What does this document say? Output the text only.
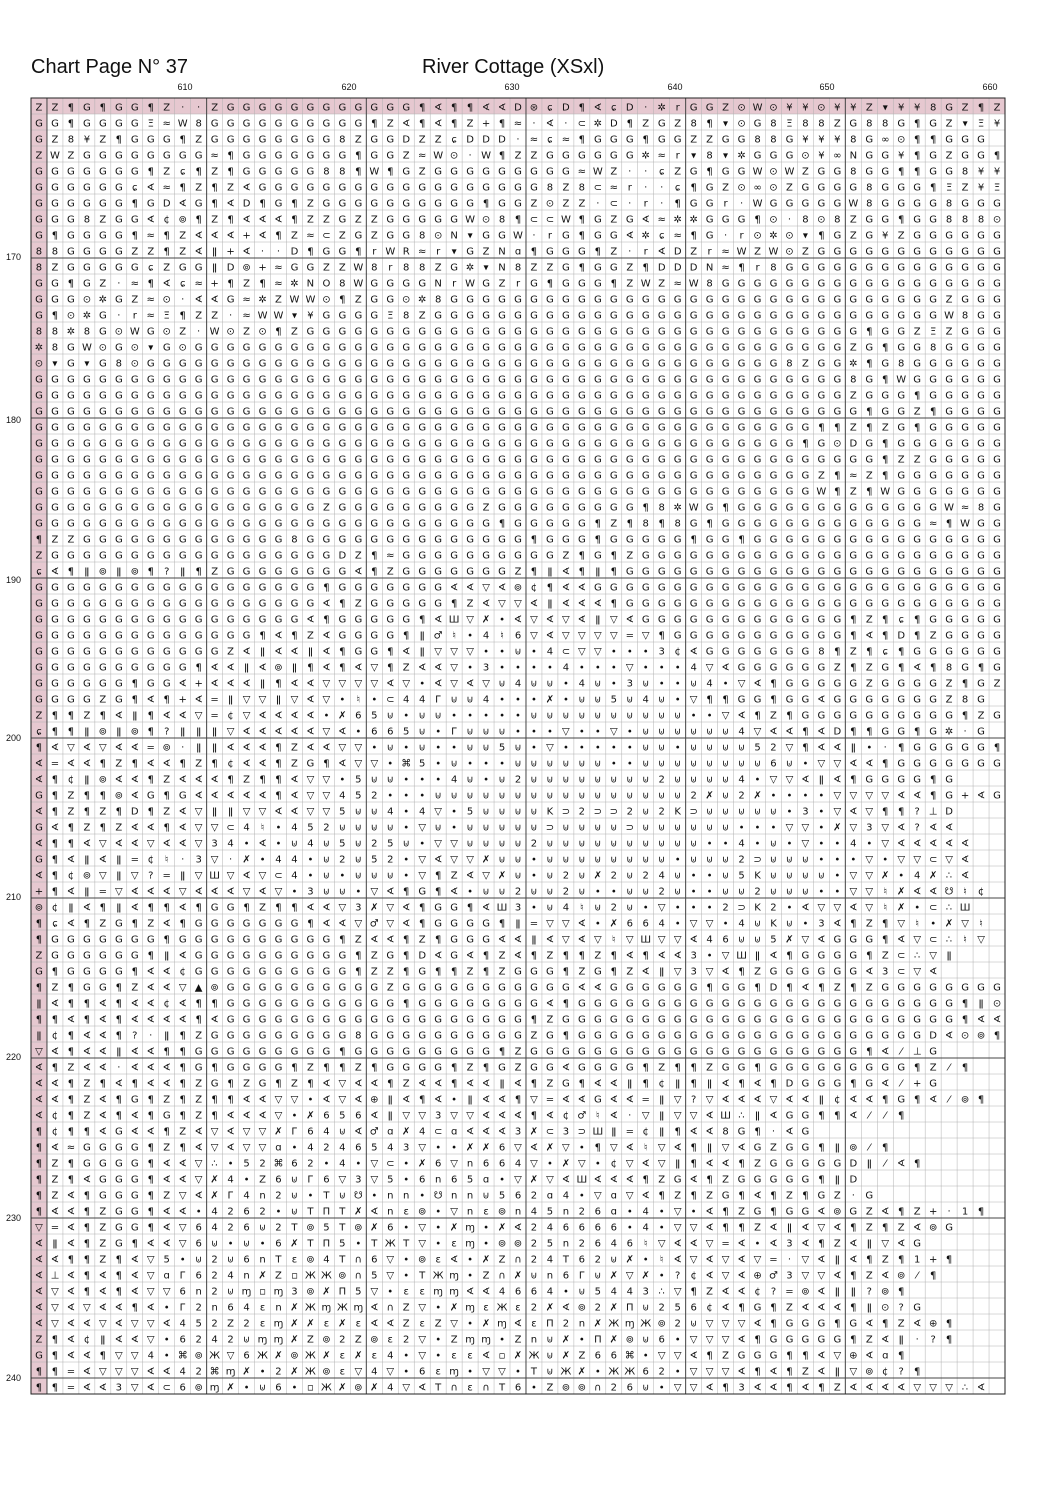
Chart Page N° 37	River Cottage (XSxl)
610	620	630	640	650	660
170
180
190
200
210
220
230
240
Z Z ¶ G ¶ G G ¶ Z · · Z G G G G G G G G G G G G ¶ ∢ ¶ ¶ ∢ ∢ D ⊛ ɕ D ¶ ∢ ɕ D · ✲ r G G Z ⊙ W ⊙ ¥ ¥ ⊙ ¥ ¥ Z ▾ ¥ ¥ 8 G Z ¶ Z
G G ¶ G G G G Ξ ≈ W 8 G G G G G G G G G G ¶ Z ∢ ¶ ∢ ¶ Z + ¶ ≈ · ∢ · ⊂ ✲ D ¶ Z G Z 8 ¶ ▾ ⊙ G 8 Ξ 8 8 Z G 8 8 G ¶ G Z ▾ Ξ ¥
G Z 8 ¥ Z ¶ G G G ¶ Z G G G G G G G G 8 Z G G D Z Z ɕ D D D · ≈ ɕ ≈ ¶ G G G ¶ G G Z Z G G 8 8 G ¥ ¥ ¥ 8 G ∞ ⊙ ¶ ¶ G G G
Z W Z G G G G G G G G ≈ ¶ G G G G G G G ¶ G G Z ≈ W ⊙ · W ¶ Z Z G G G G G G ✲ ≈ r ▾ 8 ▾ ✲ G G G ⊙ ¥ ∞ N G G ¥ ¶ G Z G G ¶
G G G G G G G ¶ Z ɕ ¶ Z ¶ G G G G G 8 8 ¶ W ¶ G Z G G G G G G G G G ≈ W Z · · ɕ Z G ¶ G G W ⊙ W Z G G 8 G G ¶ ¶ G G 8 ¥ ¥
G G G G G G ɕ ∢ ≈ ¶ Z ¶ Z ∢ G G G G G G G G G G G G G G G G G G 8 Z 8 ⊂ ≈ r · · ɕ ¶ G Z ⊙ ∞ ⊙ Z G G G G 8 G G G ¶ Ξ Z ¥ Ξ
G G G G G G ¶ G D ∢ G ¶ ∢ D ¶ G ¶ Z G G G G G G G G G G ¶ G G Z ⊙ Z Z · ⊂ · r · ¶ G G r · W G G G G G W 8 G G G G 8 G G G
G G G 8 Z G G ∢ ¢ ⊚ ¶ Z ¶ ∢ ∢ ∢ ¶ Z Z G Z Z G G G G G W ⊙ 8 ¶ ⊂ ⊂ W ¶ G Z G ∢ ≈ ✲ ✲ G G G ¶ ⊙ · 8 ⊙ 8 Z G G ¶ G G 8 8 8 ⊙
G ¶ G G G G ¶ ≈ ¶ Z ∢ ∢ ∢ + ∢ ¶ Z ≈ ⊂ Z G Z G G 8 ⊙ N ▾ G G W · r G ¶ G G ∢ ✲ ɕ ≈ ¶ G · r ⊙ ✲ ⊙ ▾ ¶ G Z G ¥ Z G G G G G G
8 8 G G G G Z Z ¶ Z ∢ ǁ + ∢ · · D ¶ G G ¶ r W R ≈ r ▾ G Z N ɑ ¶ G G G ¶ Z · r ∢ D Z r ≈ W Z W ⊙ Z G G G G G G G G G G G G
8 Z G G G G G ɕ Z G G ǁ D ⊚ + ≈ G G Z Z W 8 r 8 8 Z G ✲ ▾ N 8 Z Z G ¶ G G Z ¶ D D D N ≈ ¶ r 8 G G G G G G G G G G G G G G
G G ¶ G Z · ≈ ¶ ∢ ɕ ≈ + ¶ Z ¶ ≈ ✲ N O 8 W G G G G N r W G Z r G ¶ G G G ¶ Z W Z ≈ W 8 G G G G G G G G G G G G G G G G G G
G G G ⊙ ✲ G Z ≈ ⊙ · ∢ ∢ G ≈ ✲ Z W W ⊙ ¶ Z G G ⊙ ✲ 8 G G G G G G G G G G G G G G G G G G G G G G G G G G G G G G G Z G G G
G ¶ ⊙ ✲ G · r ≈ Ξ ¶ Z Z · ≈ W W ▾ ¥ G G G G Ξ 8 Z G G G G G G G G G G G G G G G G G G G G G G G G G G G G G G G G W 8 G G
8 8 ✲ 8 G ⊙ W G ⊙ Z · W ⊙ Z ⊙ ¶ Z G G G G G G G G G G G G G G G G G G G G G G G G G G G G G G G G G G G ¶ G G Z Ξ Z G G G
✲ 8 G W ⊙ G ⊙ ▾ G ⊙ G G G G G G G G G G G G G G G G G G G G G G G G G G G G G G G G G G G G G G G G G Z G ¶ G G 8 G G G G
⊙ ▾ G ▾ G 8 ⊙ G G G G G G G G G G G G G G G G G G G G G G G G G G G G G G G G G G G G G G G G 8 Z G G ✲ ¶ G 8 G G G G G G
G G G G G G G G G G G G G G G G G G G G G G G G G G G G G G G G G G G G G G G G G G G G G G G G G G G 8 G ¶ W G G G G G G
G G G G G G G G G G G G G G G G G G G G G G G G G G G G G G G G G G G G G G G G G G G G G G G G G G G Z G G G ¶ G G G G G
G G G G G G G G G G G G G G G G G G G G G G G G G G G G G G G G G G G G G G G G G G G G G G G G G G G G ¶ G G Z ¶ G G G G
G G G G G G G G G G G G G G G G G G G G G G G G G G G G G G G G G G G G G G G G G G G G G G G G G ¶ ¶ Z ¶ Z G ¶ G G G G G
G G G G G G G G G G G G G G G G G G G G G G G G G G G G G G G G G G G G G G G G G G G G G G G G ¶ G ⊙ D G ¶ G G G G G G G
G G G G G G G G G G G G G G G G G G G G G G G G G G G G G G G G G G G G G G G G G G G G G G G G G G G G G ¶ Z Z G G G G G
G G G G G G G G G G G G G G G G G G G G G G G G G G G G G G G G G G G G G G G G G G G G G G G G G Z ¶ ≈ Z ¶ G G G G G G G
G G G G G G G G G G G G G G G G G G G G G G G G G G G G G G G G G G G G G G G G G G G G G G G G G W ¶ Z ¶ W G G G G G G G
G G G G G G G G G G G G G G G G G G Z G G G G G G G G G Z G G G G G G G G G ¶ 8 ✲ W G ¶ G G G G G G G G G G G G G W ≈ 8 G
G G G G G G G G G G G G G G G G G G G G G G G G G G G G G ¶ G G G G G ¶ Z ¶ 8 ¶ 8 G ¶ G G G G G G G G G G G G G ≈ ¶ W G G
¶ Z Z G G G G G G G G G G G G G 8 G G G G G G G G G G G G G G ¶ G G G ¶ G G G G G ¶ G G ¶ G G G G G G G G G G G G G G G G
Z G G G G G G G G G G G G G G G G G G D Z ¶ ≈ G G G G G G G G G G Z ¶ G ¶ Z G G G G G G G G G G G G G G G G G G G G G G G
ɕ ∢ ¶ ǁ ⊚ ǁ ⊚ ¶ ? ǁ ¶ Z G G G G G G G G ∢ ¶ Z G G G G G G G Z ¶ ǁ ∢ ¶ ǁ ¶ G G G G G G G G G G G G G G G G G G G G G G G G
G G G G G G G G G G G G G G G G G G ¶ G G G G G G G ∢ ∢ ▽ ∢ ⊚ ¢ ¶ ∢ ∢ G G G G G G G G G G G G G G G G G G G G G G G G G G
G G G G G G G G G G G G G G G G G G ∢ ¶ Z G G G G G ¶ Z ∢ ▽ ▽ ∢ ǁ ∢ ∢ ∢ ¶ G G G G G G G G G G G G G G G G G G G G G G G G
G G G G G G G G G G G G G G G G G ∢ ¶ G G G G G ¶ ∢ Ш ▽ ✗ • ∢ ▽ ∢ ▽ ∢ ǁ ▽ ∢ G G G G G G G G G G G G G ¶ Z ¶ ɕ ¶ G G G G G
G G G G G G G G G G G G G G ¶ ∢ ¶ Z ∢ G G G G ¶ ǁ ♂ ♮ • 4 ♮ 6 ▽ ∢ ▽ ▽ ▽ ▽ = ▽ ¶ G G G G G G G G G G G ¶ ∢ ¶ D ¶ Z G G G G
G G G G G G G G G G G G Z ∢ ǁ ∢ ∢ ǁ ∢ ¶ G G ¶ ∢ ǁ ▽ ▽ ▽ • • ⊍ • 4 ⊂ ▽ ▽ • • • 3 ¢ ∢ G G G G G G G 8 ¶ Z ¶ ɕ ¶ G G G G G G
G G G G G G G G G G ¶ ∢ ∢ ǁ ∢ ⊚ ǁ ¶ ∢ ¶ ∢ ▽ ¶ Z ∢ ∢ ▽ • 3 • • • • 4 • • • ▽ • • • 4 ▽ ∢ G G G G G G Z ¶ Z G ¶ ∢ ¶ 8 G ¶ G
G G G G G G ¶ G G ∢ + ∢ ∢ ∢ ǁ ¶ ∢ ∢ ▽ ▽ ▽ ▽ ∢ ▽ • ∢ ▽ ∢ ▽ ⊍ 4 ⊍ ⊍ • 4 ⊍ • 3 ⊍ • • ⊍ 4 • ▽ ∢ ¶ G G G G G Z G G G G Z ¶ G Z
G G G G Z G ¶ ∢ ¶ + ∢ = ǁ ▽ ▽ ǁ ▽ ∢ ▽ • ♮ • ⊂ 4 4 Г ⊍ ⊍ 4 • • • ✗ • ⊍ ⊍ 5 ⊍ 4 ⊍ • ▽ ¶ ¶ G G ¶ G G ∢ G G G G G G G Z 8 G
Z ¶ ¶ Z ¶ ∢ ǁ ¶ ∢ ∢ ▽ = ¢ ▽ ∢ ∢ ∢ ∢ • ✗ 6 5 ⊍ • ⊍ ⊍ • • • • • ⊍ ⊍ ⊍ ⊍ ⊍ ⊍ ⊍ ⊍ ⊍ ⊍ • • ▽ ∢ ¶ Z ¶ G G G G G G G G G G ¶ Z G
ɕ ¶ ¶ ǁ ⊚ ǁ ⊚ ¶ ? ǁ ǁ ǁ ▽ ∢ ∢ ∢ ∢ ∢ ▽ ∢ • 6 6 5 ⊍ • Г ⊍ ⊍ ⊍ • • • ▽ • • ▽ • ⊍ ⊍ ⊍ ⊍ ⊍ ⊍ 4 ▽ ∢ ∢ ¶ ∢ D ¶ ¶ G G ¶ G ✲ · G
¶ ∢ ▽ ∢ ▽ ∢ ∢ = ⊚ · ǁ ǁ ∢ ∢ ∢ ¶ Z ∢ ∢ ▽ ▽ • ⊍ • ⊍ • • ⊍ ⊍ 5 ⊍ • ▽ • • • • • ⊍ ⊍ • ⊍ ⊍ ⊍ ⊍ 5 2 ▽ ¶ ∢ ∢ ǁ • · ¶ G G G G G ¶
∢ = ∢ ∢ ¶ Z ¶ ∢ ∢ ¶ Z ¶ ¢ ∢ ∢ ¶ Z G ¶ ∢ ▽ ▽ • ⌘ 5 • ⊍ • • • ⊍ ⊍ ⊍ ⊍ ⊍ ⊍ • • ⊍ ⊍ ⊍ ⊍ ⊍ ⊍ ⊍ ⊍ 6 ⊍ • ▽ ▽ ∢ ∢ ¶ G G G G G G G
∢ ¶ ¢ ǁ ⊚ ∢ ∢ ¶ Z ∢ ∢ ∢ ¶ Z ¶ ¶ ∢ ▽ ▽ • 5 ⊍ ⊍ • • • 4 ⊍ • ⊍ 2 ⊍ ⊍ ⊍ ⊍ ⊍ ⊍ ⊍ ⊍ 2 ⊍ ⊍ ⊍ ⊍ 4 • ▽ ▽ ∢ ǁ ∢ ¶ G G G G ¶ G
G ¶ Z ¶ ¶ ⊚ ∢ G ¶ G ∢ ∢ ∢ ∢ ∢ ¶ ∢ ▽ ▽ 4 5 2 • • • ⊍ ⊍ ⊍ ⊍ ⊍ ⊍ ⊍ ⊍ ⊍ ⊍ ⊍ ⊍ ⊍ ⊍ ⊍ ⊍ 2 ✗ ⊍ 2 ✗ • • • • ▽ ▽ ▽ ▽ ∢ ∢ ¶ G + ∢ G
∢ ¶ Z ¶ Z ¶ D ¶ Z ∢ ▽ ǁ ǁ ▽ ▽ ∢ ∢ ▽ ▽ 5 ⊍ ⊍ 4 • 4 ▽ • 5 ⊍ ⊍ ⊍ ⊍ K ⊃ 2 ⊃ ⊃ 2 ⊍ 2 K ⊃ ⊍ ⊍ ⊍ ⊍ ⊍ • 3 • ▽ ∢ ▽ ¶ ¶ ? ⊥ D
G ∢ ¶ Z ¶ Z ∢ ∢ ¶ ∢ ▽ ▽ ⊂ 4 ♮ • 4 5 2 ⊍ ⊍ ⊍ ⊍ • ▽ ⊍ • ⊍ ⊍ ⊍ ⊍ ⊍ ⊃ ⊍ ⊍ ⊍ ⊍ ⊃ ⊍ ⊍ ⊍ ⊍ ⊍ ⊍ • • • ▽ ▽ • ✗ ▽ 3 ▽ ∢ ? ∢ ∢
∢ ¶ ¶ ∢ ▽ ∢ ∢ ▽ ∢ ∢ ▽ 3 4 • ∢ • ⊍ 4 ⊍ 5 ⊍ 2 5 ⊍ • ▽ ▽ ⊍ ⊍ ⊍ ⊍ 2 ⊍ ⊍ ⊍ ⊍ ⊍ ⊍ ⊍ ⊍ ⊍ ⊍ • • 4 • ⊍ • ▽ • • 4 • ▽ ∢ ∢ ∢ ∢ ∢
G ¶ ∢ ǁ ∢ ǁ = ¢ ♮ · 3 ▽ · ✗ • 4 4 • ⊍ 2 ⊍ 5 2 • ▽ ∢ ▽ ▽ ✗ ⊍ ⊍ • ⊍ ⊍ ⊍ ⊍ ⊍ ⊍ ⊍ ⊍ • ⊍ ⊍ ⊍ 2 ⊃ ⊍ ⊍ ⊍ • • • ▽ • ▽ ▽ ⊂ ▽ ∢
∢ ¶ ¢ ⊚ ▽ ǁ ▽ ? = ǁ ▽ Ш ▽ ∢ ▽ ⊂ 4 • ⊍ • ⊍ ⊍ ⊍ • ▽ ¶ Z ∢ ▽ ✗ ⊍ • ⊍ 2 ⊍ ✗ 2 ⊍ 2 4 ⊍ • • ⊍ 5 K ⊍ ⊍ ⊍ ⊍ • ▽ ▽ ✗ • 4 ✗ ∴ ∢
+ ¶ ∢ ǁ = ▽ ∢ ∢ ∢ ▽ ∢ ∢ ∢ ▽ ∢ ▽ • 3 ⊍ ⊍ • ▽ ∢ ¶ G ¶ ∢ • ⊍ ⊍ 2 ⊍ ⊍ 2 ⊍ • • ⊍ ⊍ 2 ⊍ • • ⊍ ⊍ 2 ⊍ ⊍ ⊍ • • ▽ ▽ ♮ ✗ ∢ ∢ ☋ ♮ ¢
⊚ ¢ ǁ ∢ ¶ ǁ ∢ ¶ ¶ ∢ ¶ G G ¶ Z ¶ ¶ ∢ ∢ ▽ 3 ✗ ▽ ∢ ¶ G G ¶ ∢ Ш 3 • ⊍ 4 ♮ ⊍ 2 ⊍ • ▽ • • • 2 ⊃ K 2 • ∢ ▽ ▽ ∢ ▽ ♮ ✗ • ⊂ ∴ Ш
¶ ɕ ∢ ¶ Z G ¶ Z ∢ ¶ G G G G G G G ¶ ∢ ∢ ▽ ♂ ▽ ∢ ¶ G G G G ¶ ǁ = ▽ ▽ ∢ • ✗ 6 6 4 • ▽ ▽ • 4 ⊍ K ⊍ • 3 ∢ ¶ Z ¶ ▽ ♮ • ✗ ▽ ♮
¶ G G G G G G G ¶ G G G G G G G G G G ¶ Z ∢ ∢ ¶ Z ¶ G G G ∢ ∢ ǁ ∢ ▽ ∢ ▽ ♮ ▽ Ш ▽ ▽ ∢ 4 6 ⊍ ⊍ 5 ✗ ▽ ∢ G G G ¶ ∢ ▽ ⊂ ∴ ♮ ▽
Z G G G G G G ¶ ǁ ∢ G G G G G G G G G G ¶ Z G ¶ D ∢ G ∢ ¶ Z ∢ ¶ Z ¶ ¶ Z ¶ ∢ ¶ ∢ ∢ 3 • ▽ Ш ǁ ∢ ¶ G G G G ¶ Z ⊂ ∴ ▽ ǁ
G ¶ G G G G ¶ ∢ ∢ ¢ G G G G G G G G G G ¶ Z Z ¶ G ¶ ¶ Z ¶ Z G G G ¶ Z G ¶ Z ∢ ǁ ▽ 3 ▽ ∢ ¶ Z G G G G G G ∢ 3 ⊂ ▽ ∢
¶ Z ¶ G G ¶ Z ∢ ∢ ▽ ▲ ⊚ G G G G G G G G G G Z G G G G G G G G G G G ∢ ∢ G G G G G G ¶ G G ¶ D ¶ ∢ ¶ Z ¶ Z G G G G G G G G
ǁ ∢ ¶ ¶ ∢ ¶ ∢ ∢ ¢ ∢ ¶ ¶ G G G G G G G G G G G ¶ G G G G G G G G ∢ ¶ G G G G G G G G G G G G G G G G G G G G G G G G ¶ ǁ ⊙
¶ ¶ ∢ ¶ ∢ ¶ ∢ ∢ ∢ ∢ ¶ ∢ G G G G G G G G G G G G G G G G G G G ¶ Z G G G G G G G G G G G G G G G G G G G G G G G G G ¶ ∢ ∢
ǁ ¢ ¶ ∢ ∢ ¶ ? · ǁ ¶ Z G G G G G G G G G 8 G G G G G G G G G G Z G ¶ G G G G G G G G G G G G G G G G G G G G G G D ∢ ⊙ ⊚ ¶
▽ ∢ ¶ ∢ ∢ ǁ ∢ ∢ ¶ ¶ G G G G G G G G G ¶ G G G G G G G G G ¶ Z G G G G G G G G G G G G G G G G G G G G G ¶ ∢ ⁄ ⊥ G
∢ ¶ Z ∢ ∢ · ∢ ∢ ∢ ¶ G ¶ G G G G ¶ Z ¶ ¶ Z ¶ G G G G ¶ Z ¶ G Z G G ∢ G G G G ¶ Z ¶ ¶ Z G G ¶ G G G G G G G G G ¶ Z ⁄ ¶
∢ ∢ ¶ Z ¶ ∢ ¶ ∢ ∢ ¶ Z G ¶ Z G ¶ Z ¶ ∢ ▽ ∢ ∢ ¶ Z ∢ ∢ ¶ ∢ ∢ ǁ ∢ ¶ Z G ¶ ∢ ∢ ǁ ¶ ¢ ǁ ¶ ǁ ∢ ¶ ∢ ¶ D G G G ¶ G ∢ ⁄ + G
∢ ∢ ¶ Z ∢ ¶ G ¶ Z ¶ Z ¶ ¶ ∢ ∢ ▽ ▽ • ∢ ▽ ∢ ⊕ ǁ ∢ ¶ ∢ • ǁ ∢ ∢ ¶ ▽ = ∢ ∢ G ∢ ∢ = ǁ ▽ ? ▽ ∢ ∢ ∢ ▽ ∢ ∢ ǁ ¢ ∢ ∢ ¶ G ¶ ∢ ⁄ ⊚ ¶
∢ ¢ ¶ Z ∢ ¶ ∢ ¶ G ¶ Z ¶ ∢ ∢ ∢ ▽ • ✗ 6 5 6 ∢ ǁ ▽ ▽ 3 ▽ ▽ ∢ ∢ ∢ ¶ ∢ ¢ ♂ ♮ ∢ · ▽ ǁ ▽ ▽ ∢ Ш ∴ ǁ ∢ G G ¶ ¶ ∢ ⁄ ⁄ ¶
¶ ¢ ¶ ¶ ∢ G ∢ ∢ ¶ Z ∢ ▽ ∢ ▽ ▽ ✗ Г 6 4 ⊍ ∢ ♂ ɑ ✗ 4 ⊂ ɑ ∢ ∢ ∢ 3 ✗ ⊂ 3 ⊃ Ш ǁ = ¢ ǁ ¶ ∢ ∢ 8 G ¶ · ∢ G
¶ ∢ ≈ G G G G ¶ Z ¶ ∢ ▽ ∢ ▽ ▽ ɑ • 4 2 4 6 5 4 3 ▽ • • ✗ ✗ 6 ▽ ∢ ✗ ▽ • ¶ ▽ ∢ ♮ ▽ ∢ ¶ ǁ ▽ ∢ G Z G G ¶ ǁ ⊚ ⁄ ¶
¶ Z ¶ G G G G ¶ ∢ ∢ ▽ ∴ • 5 2 ⌘ 6 2 • 4 • ▽ ⊂ • ✗ 6 ▽ n 6 6 4 ▽ • ✗ ▽ • ¢ ▽ ∢ ▽ ǁ ¶ ∢ ∢ ¶ Z G G G G G D ǁ ⁄ ∢ ¶
¶ Z ¶ ∢ G G G ¶ ∢ ∢ ▽ ✗ 4 • Z 6 ⊍ Г 6 ▽ 3 ▽ 5 • 6 n 6 5 ɑ • ▽ ✗ ▽ ∢ Ш ∢ ∢ ∢ ¶ Z G ∢ ¶ Z G G G G G ¶ ǁ D
¶ Z ∢ ¶ G G G ¶ Z ▽ ∢ ✗ Г 4 n 2 ⊍ • T ⊍ ☋ • n n • ☋ n n ⊍ 5 6 2 ɑ 4 • ▽ ɑ ▽ ∢ ¶ Z ¶ Z G ¶ ∢ ¶ Z ¶ G Z · G
¶ ∢ ∢ ¶ Z G G ¶ ∢ ∢ • 4 2 6 2 • ⊍ T П T ✗ ∢ n ɛ ⊚ • ▽ n ɛ ⊚ n 4 5 n 2 6 ɑ • 4 • ▽ • ∢ ¶ Z G ¶ G G ∢ ⊚ G Z ∢ ¶ Z + · 1 ¶
▽ = ∢ ¶ Z G G ¶ ∢ ▽ 6 4 2 6 ⊍ 2 T ⊚ 5 T ⊚ ✗ 6 • ▽ • ✗ ɱ • ✗ ∢ 2 4 6 6 6 6 • 4 • ▽ ▽ ∢ ¶ ¶ Z ∢ ǁ ∢ ▽ ∢ ¶ Z ¶ Z ∢ ⊚ G
∢ ǁ ∢ ¶ Z G ¶ ∢ ∢ ▽ 6 ⊍ • ⊍ • 6 ✗ T П 5 • T Ж T ▽ • ɛ ɱ • ⊚ ⊚ 2 5 n 2 6 4 6 ♮ ▽ ∢ ∢ ▽ = ∢ • ∢ 3 ∢ ¶ Z ∢ ǁ ▽ ∢ G
∢ ∢ ¶ ¶ Z ¶ ∢ ▽ 5 • ⊍ 2 ⊍ 6 n T ɛ ⊚ 4 T ∩ 6 ▽ • ⊚ ɛ ∢ • ✗ Z ∩ 2 4 T 6 2 ⊍ ✗ • ♮ ∢ ▽ ∢ ▽ ∢ ▽ = · ▽ ∢ ǁ ∢ ¶ Z ¶ 1 + ¶
∢ ⊥ ∢ ¶ ∢ ¶ ∢ ▽ ɑ Г 6 2 4 n ✗ Z ▫ Ж Ж ⊚ ∩ 5 ▽ • T Ж ɱ • Z ∩ ✗ ⊍ n 6 Г ⊍ ✗ ▽ ✗ • ? ¢ ∢ ▽ ∢ ⊕ ♂ 3 ▽ ▽ ∢ ¶ Z ∢ ⊚ ⁄ ¶
∢ ▽ ∢ ¶ ∢ ¶ ∢ ▽ ▽ 6 n 2 ⊍ ɱ ▫ ɱ 3 ⊚ ✗ П 5 ▽ • ɛ ɛ ɱ ɱ ∢ ∢ 4 6 6 4 • ⊍ 5 4 4 3 ∴ ▽ ¶ Z ∢ ∢ ¢ ? = ⊚ ∢ ǁ ǁ ? ⊚ ¶
∢ ▽ ∢ ▽ ∢ ∢ ¶ ∢ • Г 2 n 6 4 ɛ n ✗ Ж ɱ Ж ɱ ∢ ∩ Z ▽ • ✗ ɱ ɛ Ж ɛ 2 ✗ ∢ ⊚ 2 ✗ П ⊍ 2 5 6 ¢ ∢ ¶ G ¶ Z ∢ ∢ ∢ ¶ ǁ ⊙ ? G
∢ ▽ ∢ ∢ ▽ ∢ ▽ ▽ ∢ 4 5 2 Z 2 ɛ ɱ ✗ ✗ ɛ ✗ ɛ ∢ ∢ Z ɛ Z ▽ • ✗ ɱ ∢ ɛ П 2 n ✗ Ж ɱ Ж ⊚ 2 ⊍ ▽ ▽ ▽ ∢ ¶ G G G ¶ G ∢ ¶ Z ∢ ⊕ ¶
Z ¶ ∢ ¢ ǁ ∢ ∢ ▽ • 6 2 4 2 ⊍ ɱ ɱ ✗ Z ⊚ 2 Z ⊚ ɛ 2 ▽ • Z ɱ ɱ • Z n ⊍ ✗ • П ✗ ⊚ ⊍ 6 • ▽ ▽ ▽ ∢ ¶ G G G G G ¶ Z ∢ ǁ · ? ¶
G ¶ ∢ ∢ ¶ ▽ ▽ 4 • ⌘ ⊚ Ж ▽ 6 Ж ✗ ⊚ Ж ✗ ɛ ✗ ɛ 4 • ▽ • ɛ ɛ ∢ ▫ ✗ Ж ⊍ ✗ Z 6 6 ⌘ • ▽ ▽ ∢ ¶ Z G G G ¶ ¶ ∢ ▽ ⊕ ∢ ɑ ¶
¶ ¶ = ∢ ▽ ▽ ▽ ∢ ∢ 4 2 ⌘ ɱ ✗ • 2 ✗ Ж ⊚ ɛ ▽ 4 ▽ • 6 ɛ ɱ • ▽ ▽ • T ⊍ Ж ✗ • Ж Ж 6 2 • ▽ ▽ ▽ ∢ ¶ ∢ ¶ Z ∢ ǁ ▽ ⊚ ¢ ? ¶
¶ ¶ = ∢ ∢ 3 ▽ ∢ ⊂ 6 ⊚ ɱ ✗ • ⊍ 6 • ▫ Ж ✗ ⊚ ✗ 4 ▽ ∢ T ∩ ɛ ∩ T 6 • Z ⊚ ⊚ ∩ 2 6 ⊍ • ▽ ▽ ∢ ¶ 3 ∢ ∢ ¶ ∢ ¶ Z ∢ ∢ ∢ ∢ ▽ ▽ ▽ ∴ ∢
